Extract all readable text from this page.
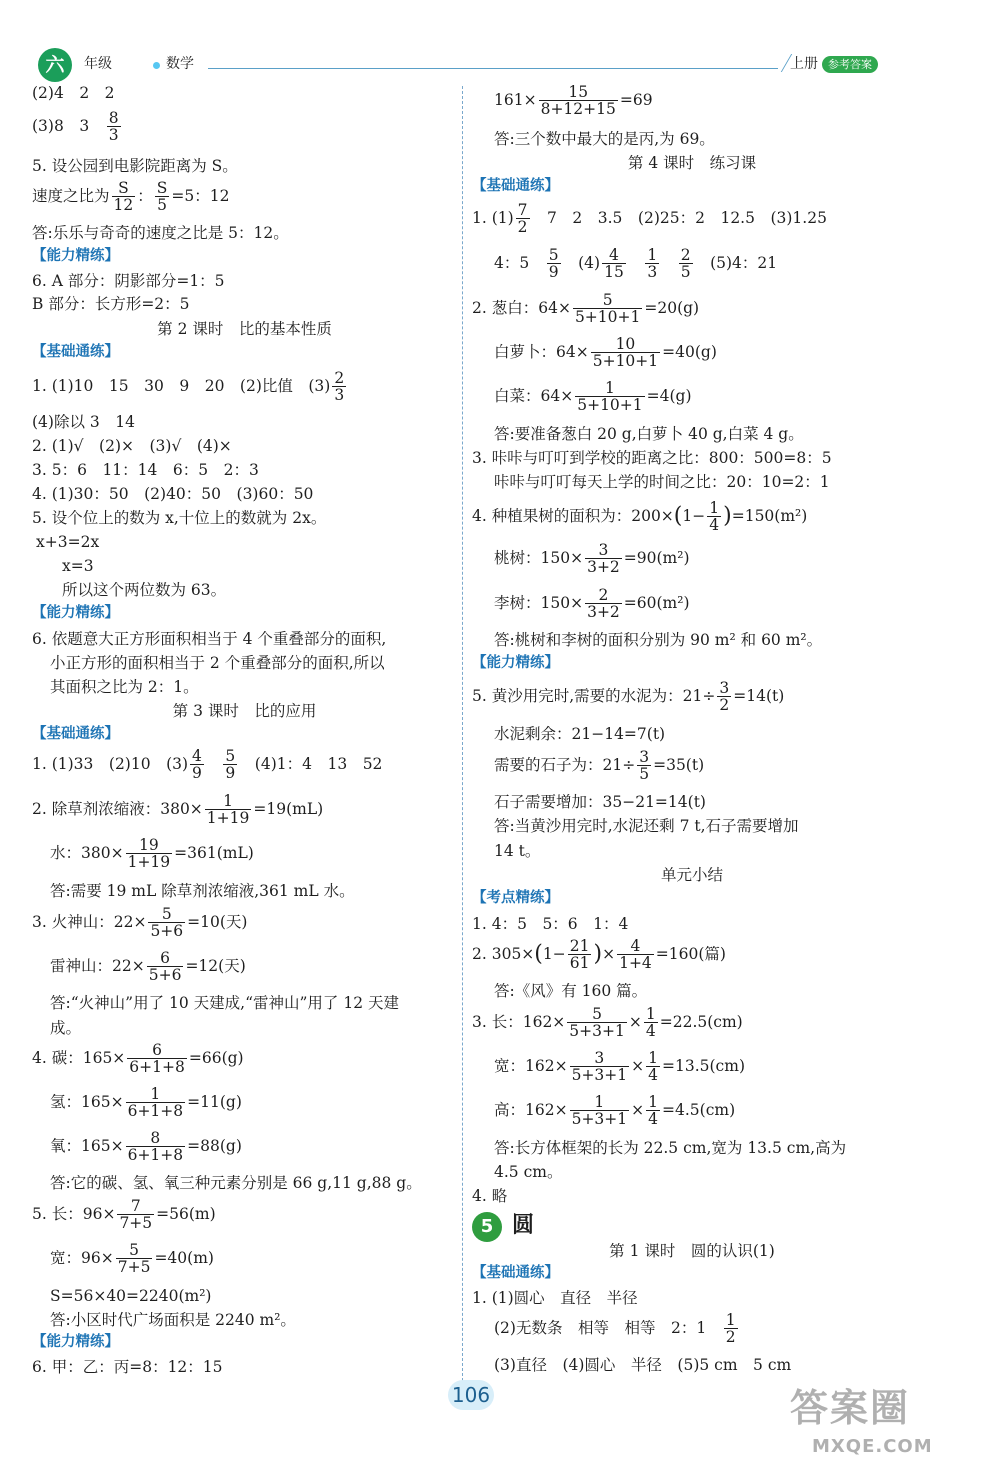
六	年级	数学	上册 参考答案
(2)4　2　2
(3)8　3　 $\frac{8}{3}$
5. 设公园到电影院距离为 S。
速度之比为 $\frac{S}{12}$ ： $\frac{S}{5} =5$：12
答:乐乐与奇奇的速度之比是 5：12。
【能力精练】
6. A 部分：阴影部分=1：5
B 部分：长方形=2：5
第 2 课时　比的基本性质
【基础通练】
1. (1)10　15　30　9　20　(2)比值　$(3) \frac{2}{3}$
(4)除以 3　14
2. (1)√　(2)×　(3)√　(4)×
3. 5：6　11：14　6：5　2：3
4. (1)30：50　(2)40：50　(3)60：50
5. 设个位上的数为 x,十位上的数就为 2x。
x+3=2x
x=3
所以这个两位数为 63。
【能力精练】
6. 依题意大正方形面积相当于 4 个重叠部分的面积,
小正方形的面积相当于 2 个重叠部分的面积,所以
其面积之比为 2：1。
第 3 课时　比的应用
【基础通练】
1. (1)33　(2)10　$(3) \frac{4}{9}$
　 $\frac{5}{9}$ 　(4)1：4　13　52
2. 除草剂浓缩液：$380\times \frac{1}{1+19} =19(mL)$
水：$380\times \frac{19}{1+19} =361(mL)$
答:需要 19 mL 除草剂浓缩液,361 mL 水。
3. 火神山：$22\times \frac{5}{5+6} =10$(天)
雷神山：$22\times \frac{6}{5+6} =12$(天)
答:“火神山”用了 10 天建成,“雷神山”用了 12 天建
成。
4. 碳：$165\times \frac{6}{6+1+8} =66(g)$
氢：$165\times \frac{1}{6+1+8} =11(g)$
氧：$165\times \frac{8}{6+1+8} =88(g)$
答:它的碳、氢、氧三种元素分别是 66 g,11 g,88 g。
5. 长：$96\times \frac{7}{7+5} =56(m)$
宽：$96\times \frac{5}{7+5} =40(m)$
S=56×40=2240(m²)
答:小区时代广场面积是 2240 m²。
【能力精练】
6. 甲：乙：丙=8：12：15
$161\times \frac{15}{8+12+15} =69$
答:三个数中最大的是丙,为 69。
第 4 课时　练习课
【基础通练】
1. $(1) \frac{7}{2}$ 　7　2　3.5　(2)25：2　12.5　(3)1.25
4：5　 $\frac{5}{9}$ 　$(4) \frac{4}{15}$
　 $\frac{1}{3}$
　 $\frac{2}{5}$ 　(5)4：21
2. 葱白：$64\times \frac{5}{5+10+1} =20(g)$
白萝卜：$64\times \frac{10}{5+10+1} =40(g)$
白菜：$64\times \frac{1}{5+10+1} =4(g)$
答:要准备葱白 20 g,白萝卜 40 g,白菜 4 g。
3. 咔咔与叮叮到学校的距离之比：800：500=8：5
咔咔与叮叮每天上学的时间之比：20：10=2：1
4. 种植果树的面积为：$200\times(1- \frac{1}{4} )=150(m^2)$
桃树：$150\times \frac{3}{3+2} =90(m^2)$
李树：$150\times \frac{2}{3+2} =60(m^2)$
答:桃树和李树的面积分别为 90 m² 和 60 m²。
【能力精练】
5. 黄沙用完时,需要的水泥为：$21\div \frac{3}{2} =14(t)$
水泥剩余：21−14=7(t)
需要的石子为：$21\div \frac{3}{5} =35(t)$
石子需要增加：35−21=14(t)
答:当黄沙用完时,水泥还剩 7 t,石子需要增加
14 t。
单元小结
【考点精练】
1. 4：5　5：6　1：4
2. $305\times(1- \frac{21}{61}$ )× $\frac{4}{1+4} =160$(篇)
答:《风》有 160 篇。
3. 长：$162\times \frac{5}{5+3+1} \times \frac{1}{4} =22.5(cm)$
宽：$162\times \frac{3}{5+3+1} \times \frac{1}{4} =13.5(cm)$
高：$162\times \frac{1}{5+3+1} \times \frac{1}{4} =4.5(cm)$
答:长方体框架的长为 22.5 cm,宽为 13.5 cm,高为
4.5 cm。
4. 略
5 圆
第 1 课时　圆的认识(1)
【基础通练】
1. (1)圆心　直径　半径
(2)无数条　相等　相等　2：1　 $\frac{1}{2}$
(3)直径　(4)圆心　半径　(5)5 cm　5 cm
106	答案圈
MXQE.COM
